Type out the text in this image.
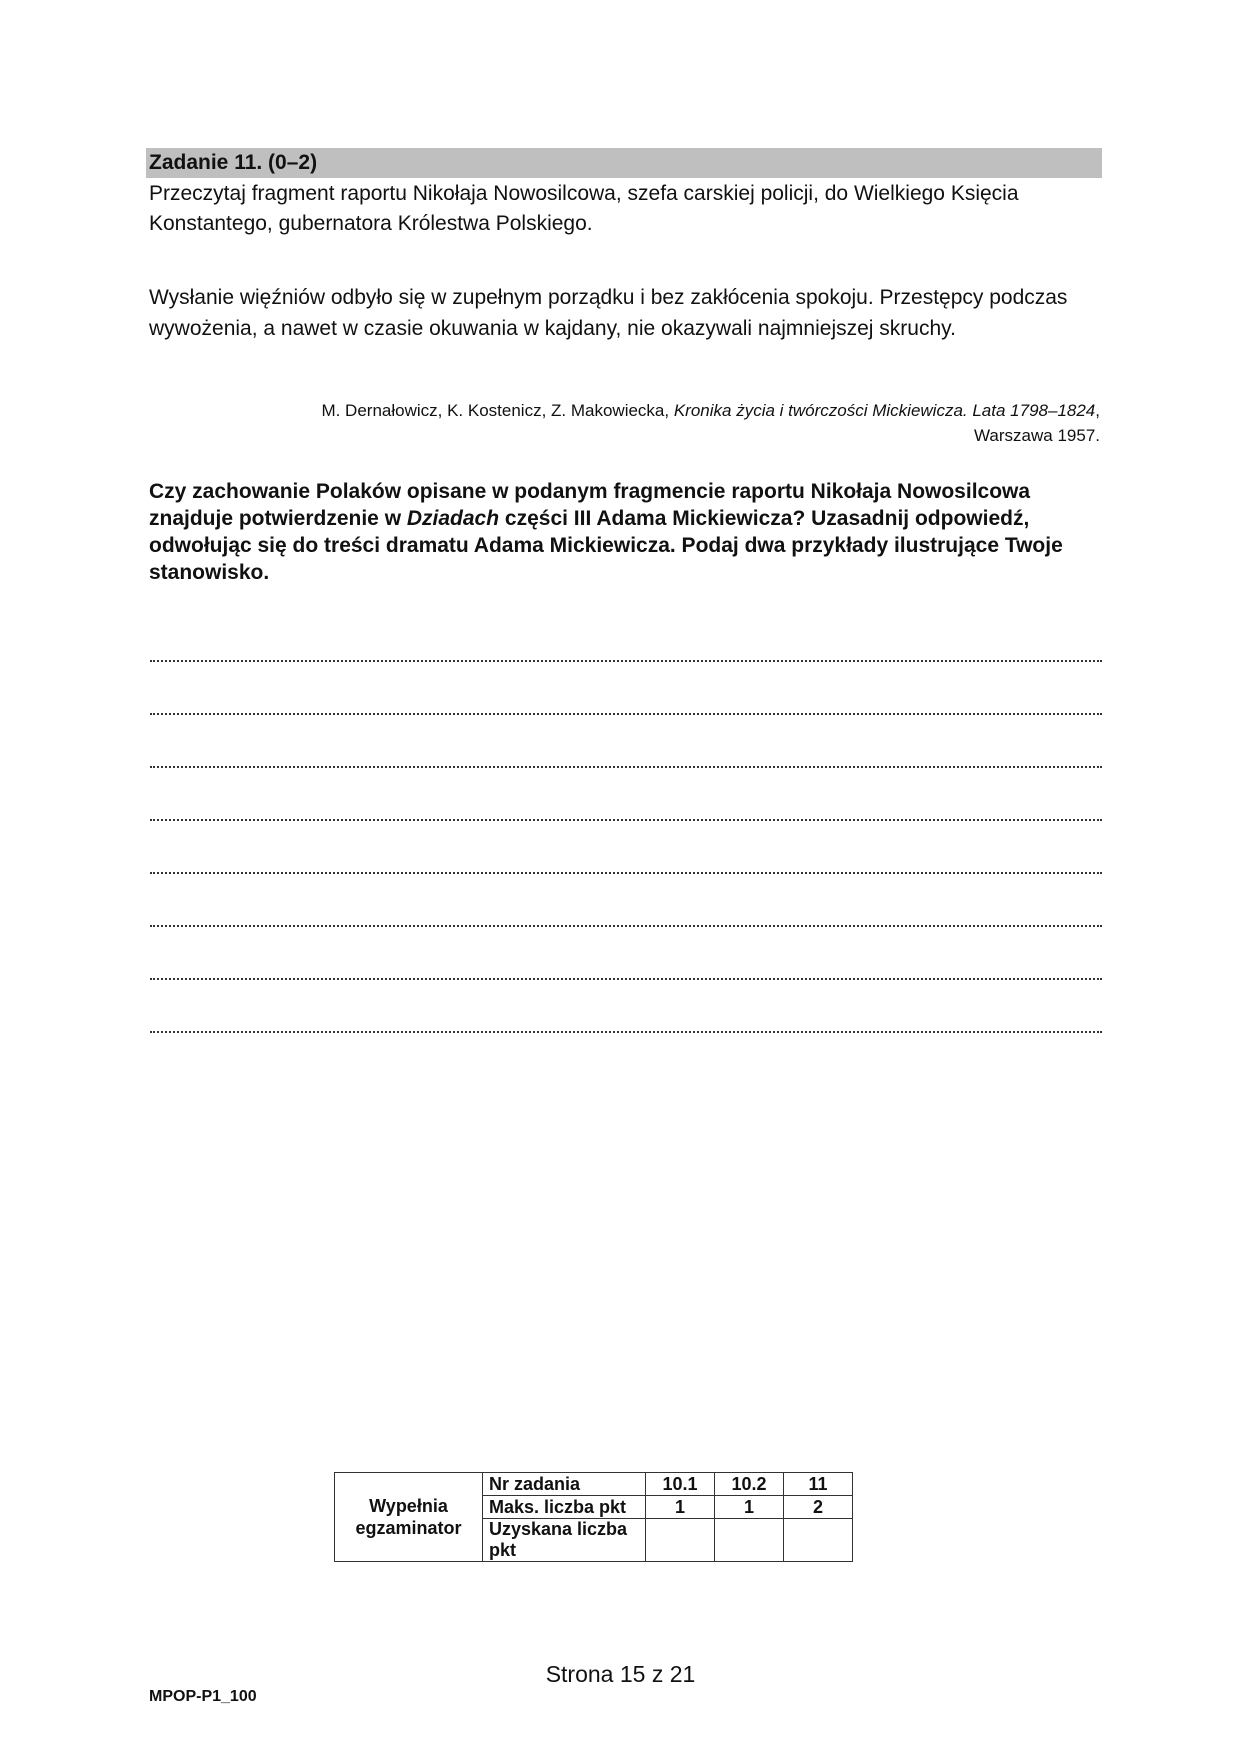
Zadanie 11. (0–2)
Przeczytaj fragment raportu Nikołaja Nowosilcowa, szefa carskiej policji, do Wielkiego Księcia Konstantego, gubernatora Królestwa Polskiego.
Wysłanie więźniów odbyło się w zupełnym porządku i bez zakłócenia spokoju. Przestępcy podczas wywożenia, a nawet w czasie okuwania w kajdany, nie okazywali najmniejszej skruchy.
M. Dernałowicz, K. Kostenicz, Z. Makowiecka, Kronika życia i twórczości Mickiewicza. Lata 1798–1824,
Warszawa 1957.
Czy zachowanie Polaków opisane w podanym fragmencie raportu Nikołaja Nowosilcowa znajduje potwierdzenie w Dziadach części III Adama Mickiewicza? Uzasadnij odpowiedź, odwołując się do treści dramatu Adama Mickiewicza. Podaj dwa przykłady ilustrujące Twoje stanowisko.
Wypełnia egzaminator	Nr zadania	10.1	10.2	11
	Maks. liczba pkt	1	1	2
	Uzyskana liczba pkt			
Strona 15 z 21
MPOP-P1_100
